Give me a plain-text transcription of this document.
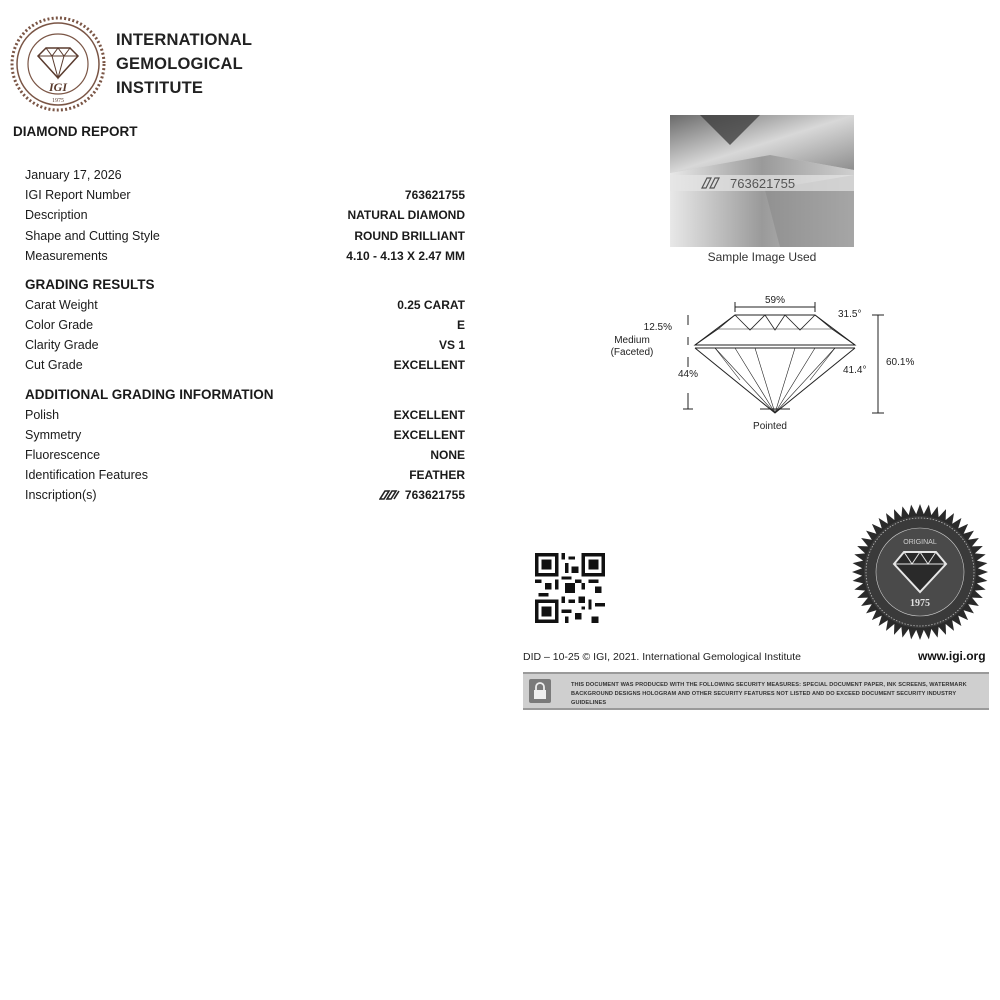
IGI
1975
INTERNATIONAL
GEMOLOGICAL
INSTITUTE
DIAMOND REPORT
January 17, 2026
IGI Report Number	763621755
Description	NATURAL DIAMOND
Shape and Cutting Style	ROUND BRILLIANT
Measurements	4.10 - 4.13 X 2.47 MM
GRADING RESULTS
Carat Weight	0.25 CARAT
Color Grade	E
Clarity Grade	VS 1
Cut Grade	EXCELLENT
ADDITIONAL GRADING INFORMATION
Polish	EXCELLENT
Symmetry	EXCELLENT
Fluorescence	NONE
Identification Features	FEATHER
Inscription(s)	763621755
763621755
Sample Image Used
59%
12.5%
31.5°
44%	41.4°
60.1%
Medium
(Faceted)
Pointed
1975
ORIGINAL
DID – 10-25 © IGI, 2021. International Gemological Institute	www.igi.org
THIS DOCUMENT WAS PRODUCED WITH THE FOLLOWING SECURITY MEASURES: SPECIAL DOCUMENT PAPER, INK SCREENS, WATERMARK BACKGROUND DESIGNS HOLOGRAM AND OTHER SECURITY FEATURES NOT LISTED AND DO EXCEED DOCUMENT SECURITY INDUSTRY GUIDELINES
